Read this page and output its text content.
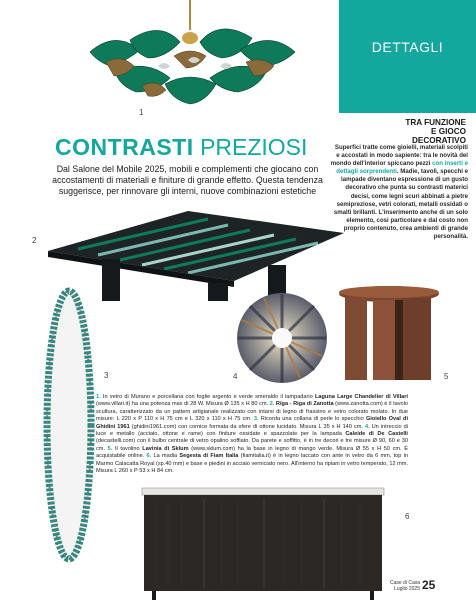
DETTAGLI
TRA FUNZIONE
E GIOCO
DECORATIVO
Superfici tratte come gioielli, materiali scolpiti e accostati in modo sapiente: tra le novità del mondo dell'interior spiccano pezzi con inserti e dettagli sorprendenti. Madie, tavoli, specchi e lampade diventano espressione di un gusto decorativo che punta su contrasti materici decisi, come legni scuri abbinati a pietre semipreziose, vetri colorati, metalli ossidati o smalti brillanti. L'inserimento anche di un solo elemento, così particolare e dal costo non proprio contenuto, crea ambienti di grande personalità.
1
CONTRASTI PREZIOSI
Dal Salone del Mobile 2025, mobili e complementi che giocano con accostamenti di materiali e finiture di grande effetto. Questa tendenza suggerisce, per rinnovare gli interni, nuove combinazioni estetiche
2
3	4	5
1. In vetro di Murano e porcellana con foglie argento e verde smeraldo il lampadario Laguna Large Chandelier di Villari (www.villari.it) ha una potenza max di 28 W. Misura Ø 135 x H 80 cm. 2. Riga - Riga di Zanotta (www.zanotta.com) è il tavolo scultura, caratterizzato da un pattern artigianale realizzato con intarsi di legno di frassino e vetro colorato molato. In due misure: L 220 x P 110 x H 75 cm e L 320 x 110 x H 75 cm. 3. Ricorda una collana di perle lo specchio Gioiello Oval di Ghidini 1961 (ghidini1961.com) con cornice formata da sfere di ottone lucidato. Misura L 35 x H 140 cm. 4. Un intreccio di luce e metallo (acciaio, ottone e rame) con finiture ossidate e spazzolate per la lampada Caleide di De Castelli (decastelli.com) con il bulbo centrale di vetro opalino soffiato. Da parete e soffitto, è in tre decori e tre misure Ø 90, 60 e 30 cm. 5. Il tavolino Lavinia di Sklum (www.sklum.com) ha la base in legno di mango verde. Misura Ø 55 x H 50 cm. È acquistabile online. 6. La madia Segesta di Fiam Italia (fiamitalia.it) è in legno laccato con ante in vetro da 6 mm, top in Marmo Calacatta Royal (sp.40 mm) e base e piedini in acciaio verniciato nero. All'interno ha ripiani in vetro temperato, 12 mm. Misura L 260 x P 53 x H 84 cm.
6
Case di Casa
Luglio 2025 25
